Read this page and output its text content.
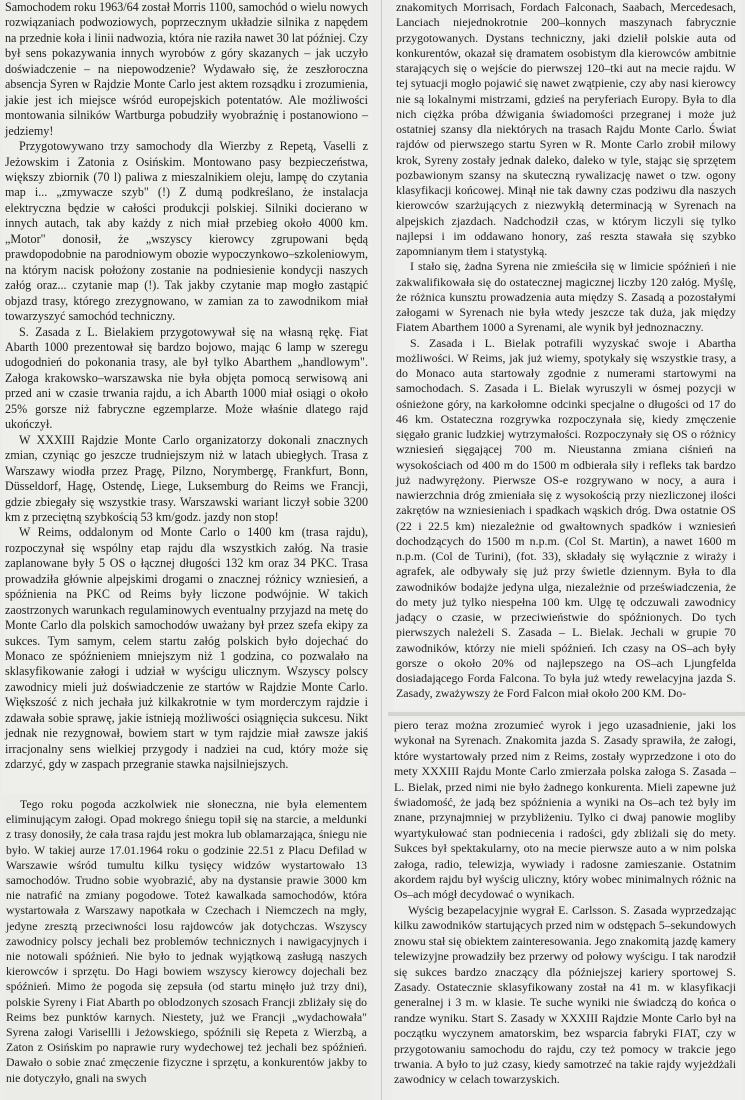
Samochodem roku 1963/64 został Morris 1100, samochód o wielu nowych rozwiązaniach podwoziowych, poprzecznym układzie silnika z napędem na przednie koła i linii nadwozia, która nie raziła nawet 30 lat później. Czy był sens pokazywania innych wyrobów z góry skazanych – jak uczyło doświadczenie – na niepowodzenie? Wydawało się, że zeszłoroczna absencja Syren w Rajdzie Monte Carlo jest aktem rozsądku i zrozumienia, jakie jest ich miejsce wśród europejskich potentatów. Ale możliwości montowania silników Wartburga pobudziły wyobraźnię i postanowiono – jedziemy!

Przygotowywano trzy samochody dla Wierzby z Repetą, Vaselli z Jeżowskim i Zatonia z Osińskim. Montowano pasy bezpieczeństwa, większy zbiornik (70 l) paliwa z mieszalnikiem oleju, lampę do czytania map i... „zmywacze szyb" (!) Z dumą podkreślano, że instalacja elektryczna będzie w całości produkcji polskiej. Silniki docierano w innych autach, tak aby każdy z nich miał przebieg około 4000 km. „Motor" donosił, że „wszyscy kierowcy zgrupowani będą prawdopodobnie na parodniowym obozie wypoczynkowo–szkoleniowym, na którym nacisk położony zostanie na podniesienie kondycji naszych załóg oraz... czytanie map (!). Tak jakby czytanie map mogło zastąpić objazd trasy, którego zrezygnowano, w zamian za to zawodnikom miał towarzyszyć samochód techniczny.

S. Zasada z L. Bielakiem przygotowywał się na własną rękę. Fiat Abarth 1000 prezentował się bardzo bojowo, mając 6 lamp w szeregu udogodnień do pokonania trasy, ale był tylko Abarthem „handlowym". Załoga krakowsko–warszawska nie była objęta pomocą serwisową ani przed ani w czasie trwania rajdu, a ich Abarth 1000 miał osiągi o około 25% gorsze niż fabryczne egzemplarze. Może właśnie dlatego rajd ukończył.

W XXXIII Rajdzie Monte Carlo organizatorzy dokonali znacznych zmian, czyniąc go jeszcze trudniejszym niż w latach ubiegłych. Trasa z Warszawy wiodła przez Pragę, Pilzno, Norymbergę, Frankfurt, Bonn, Düsseldorf, Hagę, Ostendę, Liege, Luksemburg do Reims we Francji, gdzie zbiegały się wszystkie trasy. Warszawski wariant liczył sobie 3200 km z przeciętną szybkością 53 km/godz. jazdy non stop!

W Reims, oddalonym od Monte Carlo o 1400 km (trasa rajdu), rozpoczynał się wspólny etap rajdu dla wszystkich załóg. Na trasie zaplanowane były 5 OS o łącznej długości 132 km oraz 34 PKC. Trasa prowadziła głównie alpejskimi drogami o znacznej różnicy wzniesień, a spóźnienia na PKC od Reims były liczone podwójnie. W takich zaostrzonych warunkach regulaminowych eventualny przyjazd na metę do Monte Carlo dla polskich samochodów uważany był przez szefa ekipy za sukces. Tym samym, celem startu załóg polskich było dojechać do Monaco ze spóźnieniem mniejszym niż 1 godzina, co pozwalało na sklasyfikowanie załogi i udział w wyścigu ulicznym. Wszyscy polscy zawodnicy mieli już doświadczenie ze startów w Rajdzie Monte Carlo. Większość z nich jechała już kilkakrotnie w tym morderczym rajdzie i zdawała sobie sprawę, jakie istnieją możliwości osiągnięcia sukcesu. Nikt jednak nie rezygnował, bowiem start w tym rajdzie miał zawsze jakiś irracjonalny sens wielkiej przygody i nadziei na cud, który może się zdarzyć, gdy w zaspach przegranie stawka najsilniejszych.

Tego roku pogoda aczkolwiek nie słoneczna, nie była elementem eliminującym załogi. Opad mokrego śniegu topił się na starcie, a meldunki z trasy donosiły, że cała trasa rajdu jest mokra lub oblamarzająca, śniegu nie było. W takiej aurze 17.01.1964 roku o godzinie 22.51 z Placu Defilad w Warszawie wśród tumultu kilku tysięcy widzów wystartowało 13 samochodów. Trudno sobie wyobrazić, aby na dystansie prawie 3000 km nie natrafić na zmiany pogodowe. Toteż kawalkada samochodów, która wystartowała z Warszawy napotkała w Czechach i Niemczech na mgły, jedyne zresztą przeciwności losu rajdowców jak dotychczas. Wszyscy zawodnicy polscy jechali bez problemów technicznych i nawigacyjnych i nie notowali spóźnień. Nie było to jednak wyjątkową zasługą naszych kierowców i sprzętu. Do Hagi bowiem wszyscy kierowcy dojechali bez spóźnień. Mimo że pogoda się zepsuła (od startu minęło już trzy dni), polskie Syreny i Fiat Abarth po oblodzonych szosach Francji zbliżały się do Reims bez punktów karnych. Niestety, już we Francji „wydachowała" Syrena załogi Varisellli i Jeżowskiego, spóźnili się Repeta z Wierzbą, a Zaton z Osińskim po naprawie rury wydechowej też jechali bez spóźnień. Dawało o sobie znać zmęczenie fizyczne i sprzętu, a konkurentów jakby to nie dotyczyło, gnali na swych

znakomitych Morrisach, Fordach Falconach, Saabach, Mercedesach, Lanciach niejednokrotnie 200–konnych maszynach fabrycznie przygotowanych. Dystans techniczny, jaki dzielił polskie auta od konkurentów, okazał się dramatem osobistym dla kierowców ambitnie starających się o wejście do pierwszej 120–tki aut na mecie rajdu. W tej sytuacji mogło pojawić się nawet zwątpienie, czy aby nasi kierowcy nie są lokalnymi mistrzami, gdzieś na peryferiach Europy. Była to dla nich ciężka próba dźwigania świadomości przegranej i może już ostatniej szansy dla niektórych na trasach Rajdu Monte Carlo. Świat rajdów od pierwszego startu Syren w R. Monte Carlo zrobił milowy krok, Syreny zostały jednak daleko, daleko w tyle, stając się sprzętem pozbawionym szansy na skuteczną rywalizację nawet o tzw. ogony klasyfikacji końcowej. Minął nie tak dawny czas podziwu dla naszych kierowców szarżujących z niezwykłą determinacją w Syrenach na alpejskich zjazdach. Nadchodził czas, w którym liczyli się tylko najlepsi i im oddawano honory, zaś reszta stawała się szybko zapomnianym tłem i statystyką.

I stało się, żadna Syrena nie zmieściła się w limicie spóźnień i nie zakwalifikowała się do ostatecznej magicznej liczby 120 załóg. Myślę, że różnica kunsztu prowadzenia auta między S. Zasadą a pozostałymi załogami w Syrenach nie była wtedy jeszcze tak duża, jak między Fiatem Abarthem 1000 a Syrenami, ale wynik był jednoznaczny.

S. Zasada i L. Bielak potrafili wyzyskać swoje i Abartha możliwości. W Reims, jak już wiemy, spotykały się wszystkie trasy, a do Monaco auta startowały zgodnie z numerami startowymi na samochodach. S. Zasada i L. Bielak wyruszyli w ósmej pozycji w ośnieżone góry, na karkołomne odcinki specjalne o długości od 17 do 46 km. Ostateczna rozgrywka rozpoczynała się, kiedy zmęczenie sięgało granic ludzkiej wytrzymałości. Rozpoczynały się OS o różnicy wzniesień sięgającej 700 m. Nieustanna zmiana ciśnień na wysokościach od 400 m do 1500 m odbierała siły i refleks tak bardzo już nadwyrężony. Pierwsze OS-e rozgrywano w nocy, a aura i nawierzchnia dróg zmieniała się z wysokością przy niezliczonej ilości zakrętów na wzniesieniach i spadkach wąskich dróg. Dwa ostatnie OS (22 i 22.5 km) niezależnie od gwałtownych spadków i wzniesień dochodzących do 1500 m n.p.m. (Col St. Martin), a nawet 1600 m n.p.m. (Col de Turini), (fot. 33), składały się wyłącznie z wiraży i agrafek, ale odbywały się już przy świetle dziennym. Była to dla zawodników bodajże jedyna ulga, niezależnie od przeświadczenia, że do mety już tylko niespełna 100 km. Ulgę tę odczuwali zawodnicy jadący o czasie, w przeciwieństwie do spóźnionych. Do tych pierwszych należeli S. Zasada – L. Bielak. Jechali w grupie 70 zawodników, którzy nie mieli spóźnień. Ich czasy na OS–ach były gorsze o około 20% od najlepszego na OS–ach Ljungfelda dosiadającego Forda Falcona. To była już wtedy rewelacyjna jazda S. Zasady, zważywszy że Ford Falcon miał około 200 KM. Do-

piero teraz można zrozumieć wyrok i jego uzasadnienie, jaki los wykonał na Syrenach. Znakomita jazda S. Zasady sprawiła, że załogi, które wystartowały przed nim z Reims, zostały wyprzedzone i oto do mety XXXIII Rajdu Monte Carlo zmierzała polska załoga S. Zasada – L. Bielak, przed nimi nie było żadnego konkurenta. Mieli zapewne już świadomość, że jadą bez spóźnienia a wyniki na Os–ach też były im znane, przynajmniej w przybliżeniu. Tylko ci dwaj panowie mogliby wyartykułować stan podniecenia i radości, gdy zbliżali się do mety. Sukces był spektakularny, oto na mecie pierwsze auto a w nim polska załoga, radio, telewizja, wywiady i radosne zamieszanie. Ostatnim akordem rajdu był wyścig uliczny, który wobec minimalnych różnic na Os–ach mógł decydować o wynikach.

Wyścig bezapelacyjnie wygrał E. Carlsson. S. Zasada wyprzedzając kilku zawodników startujących przed nim w odstępach 5–sekundowych znowu stał się obiektem zainteresowania. Jego znakomitą jazdę kamery telewizyjne prowadziły bez przerwy od połowy wyścigu. I tak narodził się sukces bardzo znaczący dla późniejszej kariery sportowej S. Zasady. Ostatecznie sklasyfikowany został na 41 m. w klasyfikacji generalnej i 3 m. w klasie. Te suche wyniki nie świadczą do końca o randze wyniku. Start S. Zasady w XXXIII Rajdzie Monte Carlo był na początku wyczynem amatorskim, bez wsparcia fabryki FIAT, czy w przygotowaniu samochodu do rajdu, czy też pomocy w trakcie jego trwania. A było to już czasy, kiedy samotrzeć na takie rajdy wyjeżdżali zawodnicy w celach towarzyskich.
